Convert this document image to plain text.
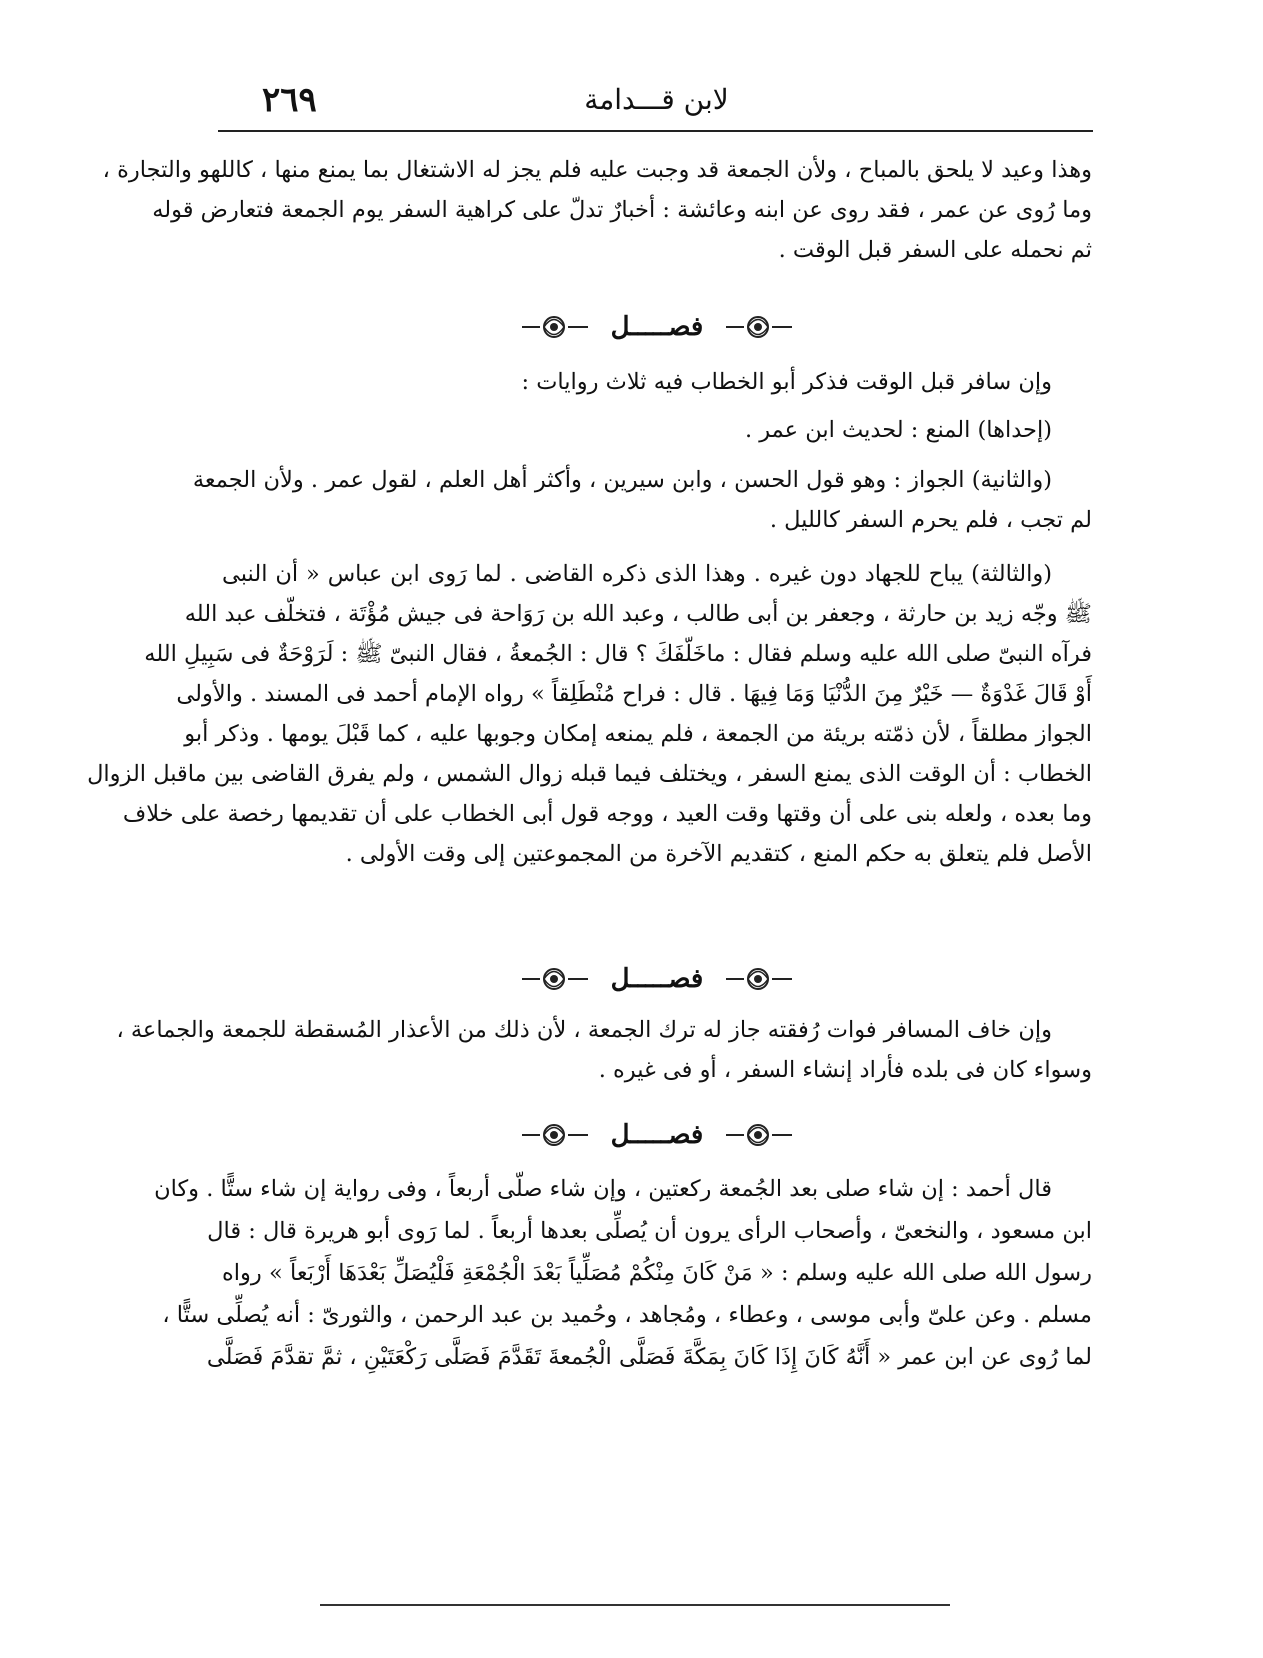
٢٦٩	لابن قـــدامة
وهذا وعيد لا يلحق بالمباح ، ولأن الجمعة قد وجبت عليه فلم يجز له الاشتغال بما يمنع منها ، كاللهو والتجارة ،
وما رُوى عن عمر ، فقد روى عن ابنه وعائشة : أخبارٌ تدلّ على كراهية السفر يوم الجمعة فتعارض قوله
ثم نحمله على السفر قبل الوقت .
فصـــــل
وإن سافر قبل الوقت فذكر أبو الخطاب فيه ثلاث روايات :
(إحداها) المنع : لحديث ابن عمر .
(والثانية) الجواز : وهو قول الحسن ، وابن سيرين ، وأكثر أهل العلم ، لقول عمر . ولأن الجمعة
لم تجب ، فلم يحرم السفر كالليل .
(والثالثة) يباح للجهاد دون غيره . وهذا الذى ذكره القاضى . لما رَوى ابن عباس « أن النبى
ﷺ وجّه زيد بن حارثة ، وجعفر بن أبى طالب ، وعبد الله بن رَوَاحة فى جيش مُؤْتَة ، فتخلّف عبد الله
فرآه النبىّ صلى الله عليه وسلم فقال : ماخَلّفَكَ ؟ قال : الجُمعةُ ، فقال النبىّ ﷺ : لَرَوْحَةٌ فى سَبِيلِ الله
أَوْ قَالَ غَدْوَةٌ — خَيْرٌ مِنَ الدُّنْيَا وَمَا فِيهَا . قال : فراح مُنْطَلِقاً » رواه الإمام أحمد فى المسند . والأولى
الجواز مطلقاً ، لأن ذمّته بريئة من الجمعة ، فلم يمنعه إمكان وجوبها عليه ، كما قَبْلَ يومها . وذكر أبو
الخطاب : أن الوقت الذى يمنع السفر ، ويختلف فيما قبله زوال الشمس ، ولم يفرق القاضى بين ماقبل الزوال
وما بعده ، ولعله بنى على أن وقتها وقت العيد ، ووجه قول أبى الخطاب على أن تقديمها رخصة على خلاف
الأصل فلم يتعلق به حكم المنع ، كتقديم الآخرة من المجموعتين إلى وقت الأولى .
فصـــــل
وإن خاف المسافر فوات رُفقته جاز له ترك الجمعة ، لأن ذلك من الأعذار المُسقطة للجمعة والجماعة ،
وسواء كان فى بلده فأراد إنشاء السفر ، أو فى غيره .
فصـــــل
قال أحمد : إن شاء صلى بعد الجُمعة ركعتين ، وإن شاء صلّى أربعاً ، وفى رواية إن شاء ستًّا . وكان
ابن مسعود ، والنخعىّ ، وأصحاب الرأى يرون أن يُصلِّى بعدها أربعاً . لما رَوى أبو هريرة قال : قال
رسول الله صلى الله عليه وسلم : « مَنْ كَانَ مِنْكُمْ مُصَلِّياً بَعْدَ الْجُمْعَةِ فَلْيُصَلِّ بَعْدَهَا أَرْبَعاً » رواه
مسلم . وعن علىّ وأبى موسى ، وعطاء ، ومُجاهد ، وحُميد بن عبد الرحمن ، والثورىّ : أنه يُصلِّى ستًّا ،
لما رُوى عن ابن عمر « أَنَّهُ كَانَ إِذَا كَانَ بِمَكَّةَ فَصَلَّى الْجُمعةَ تَقَدَّمَ فَصَلَّى رَكْعَتَيْنِ ، ثمَّ تقدَّمَ فَصَلَّى
